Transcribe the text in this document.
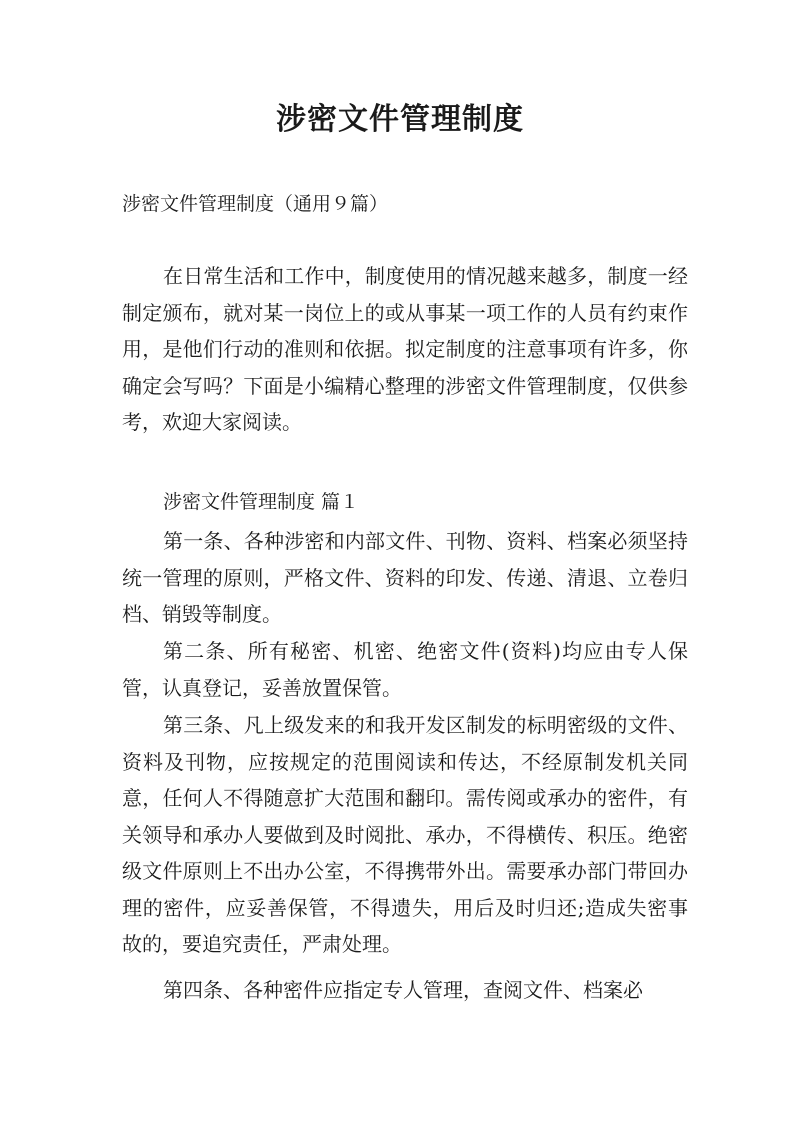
涉密文件管理制度

涉密文件管理制度（通用９篇）

在日常生活和工作中，制度使用的情况越来越多，制度一经制定颁布，就对某一岗位上的或从事某一项工作的人员有约束作用，是他们行动的准则和依据。拟定制度的注意事项有许多，你确定会写吗？下面是小编精心整理的涉密文件管理制度，仅供参考，欢迎大家阅读。

涉密文件管理制度 篇１

第一条、各种涉密和内部文件、刊物、资料、档案必须坚持统一管理的原则，严格文件、资料的印发、传递、清退、立卷归档、销毁等制度。

第二条、所有秘密、机密、绝密文件(资料)均应由专人保管，认真登记，妥善放置保管。

第三条、凡上级发来的和我开发区制发的标明密级的文件、资料及刊物，应按规定的范围阅读和传达，不经原制发机关同意，任何人不得随意扩大范围和翻印。需传阅或承办的密件，有关领导和承办人要做到及时阅批、承办，不得横传、积压。绝密级文件原则上不出办公室，不得携带外出。需要承办部门带回办理的密件，应妥善保管，不得遗失，用后及时归还;造成失密事故的，要追究责任，严肃处理。

第四条、各种密件应指定专人管理，查阅文件、档案必
